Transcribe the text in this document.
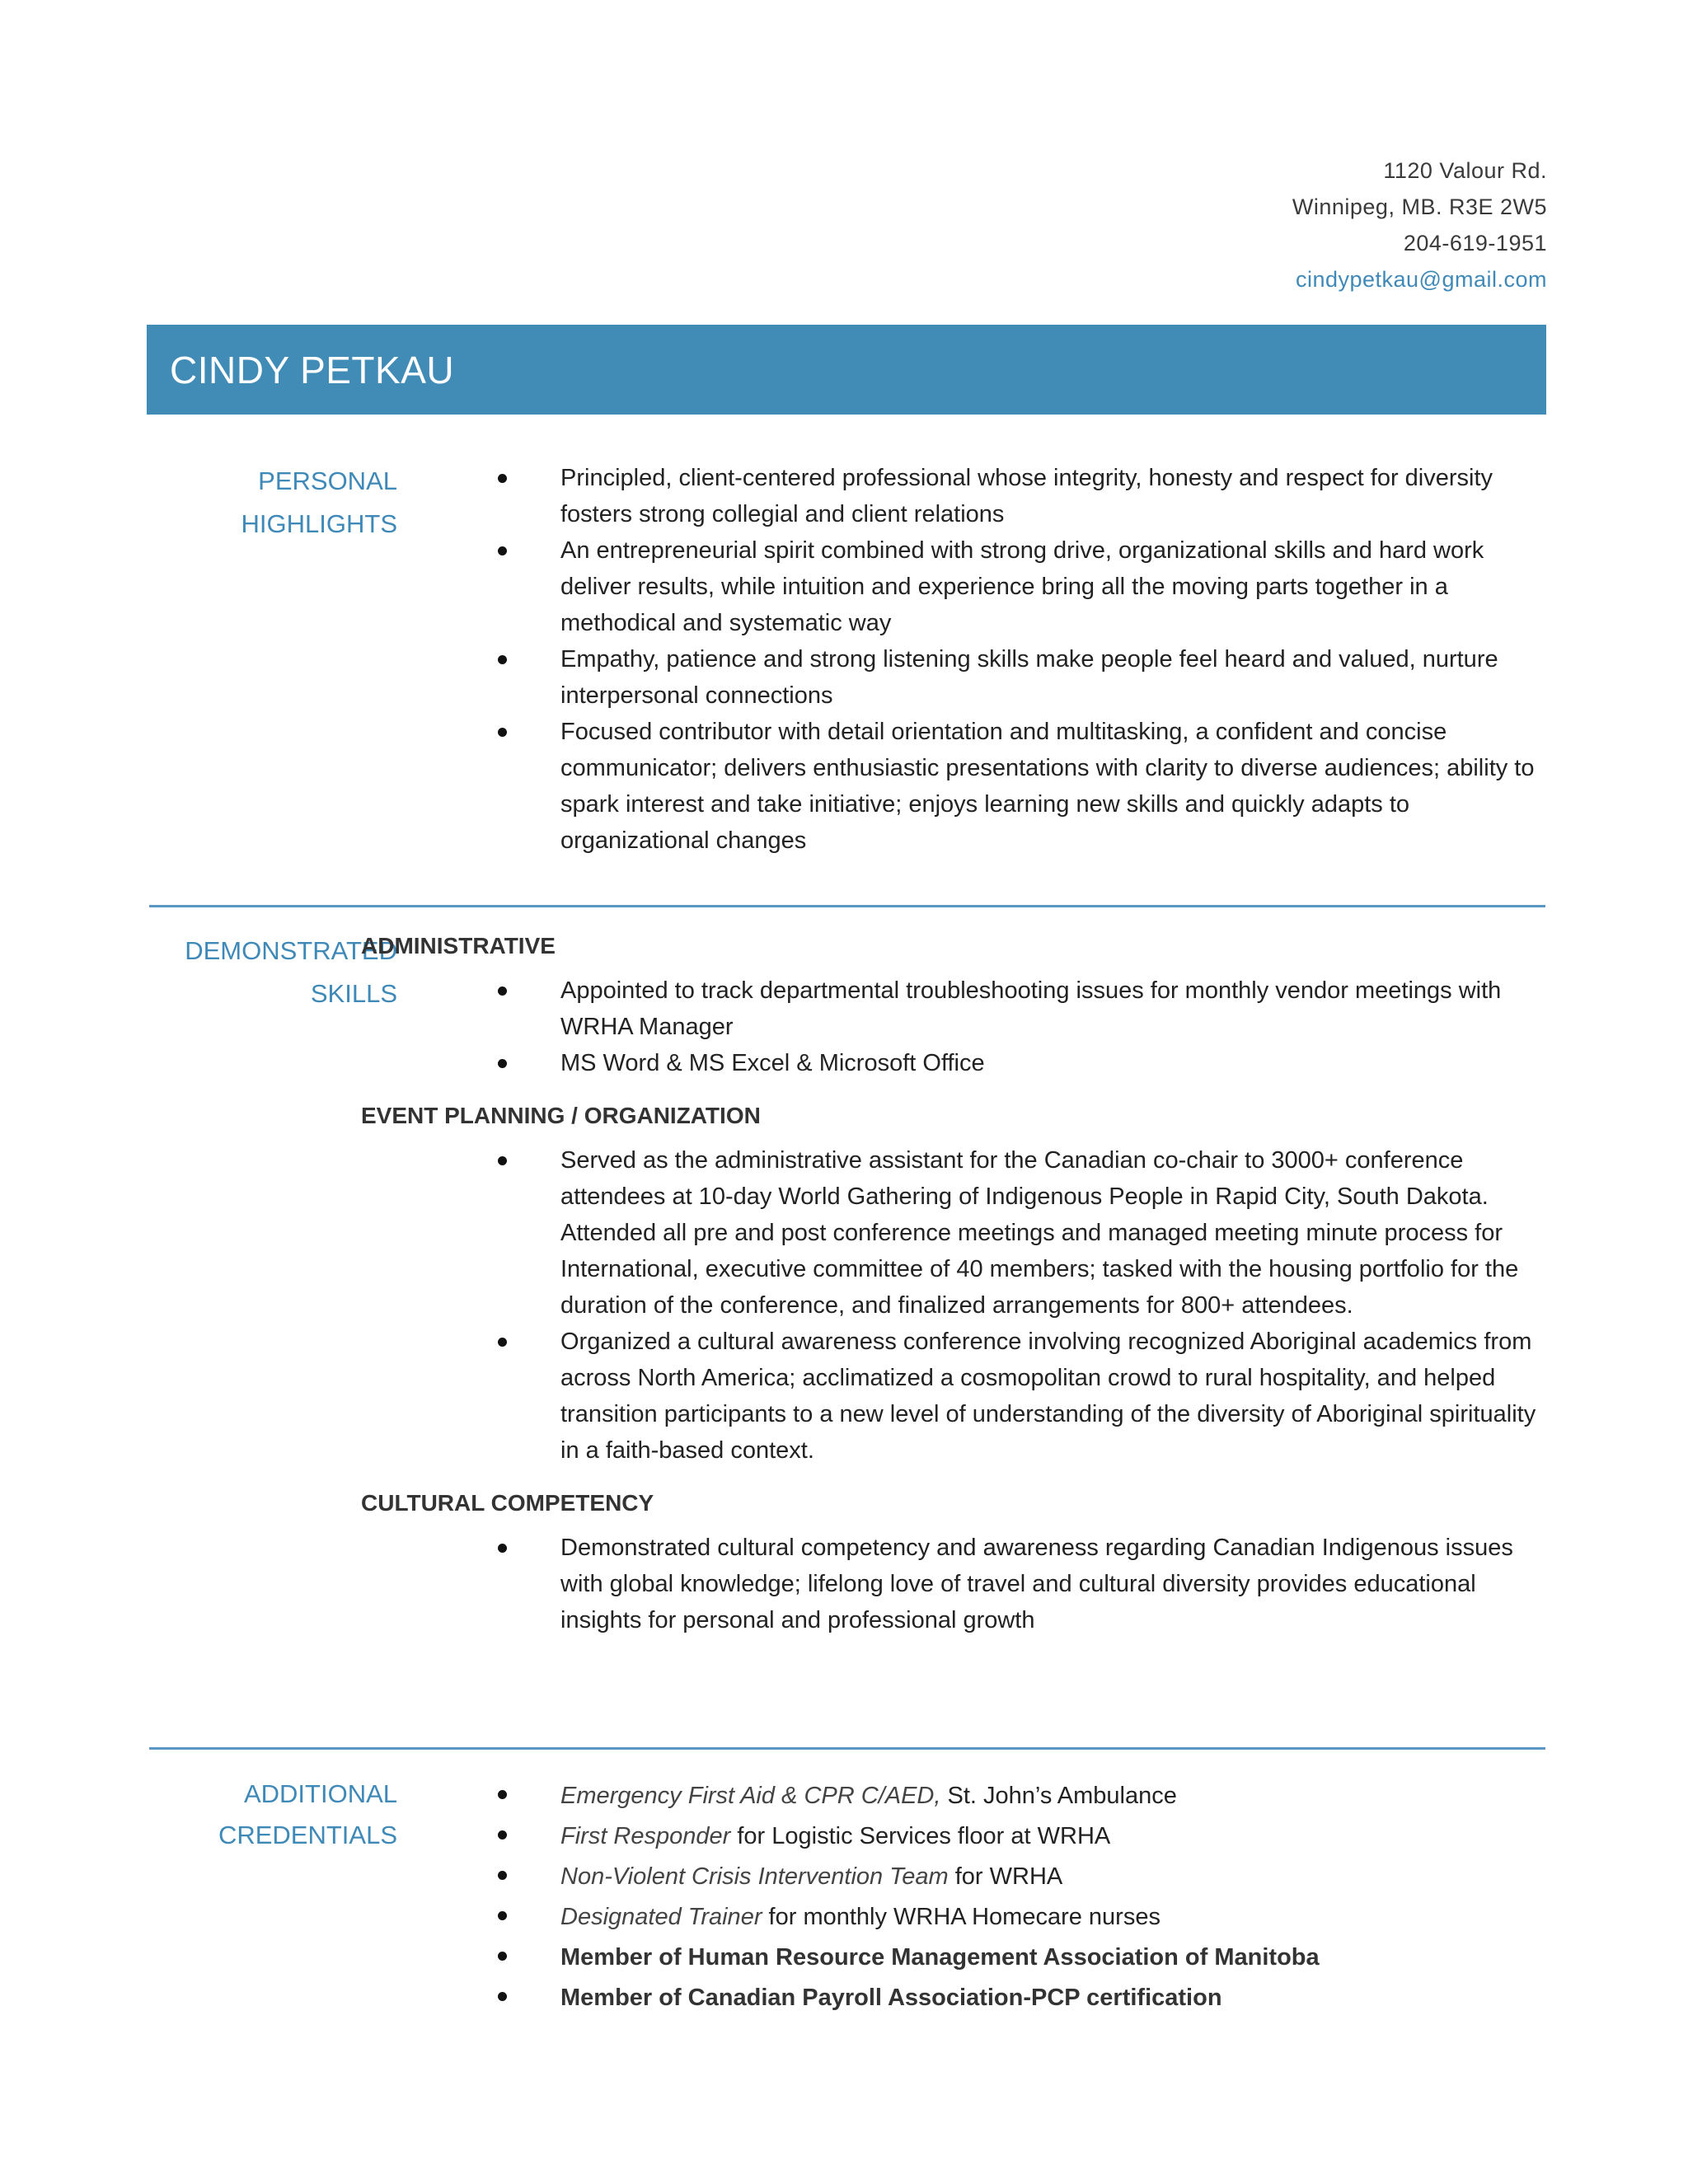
1120 Valour Rd.
Winnipeg, MB. R3E 2W5
204-619-1951
cindypetkau@gmail.com
CINDY PETKAU
PERSONAL
HIGHLIGHTS
Principled, client-centered professional whose integrity, honesty and respect for diversity fosters strong collegial and client relations
An entrepreneurial spirit combined with strong drive, organizational skills and hard work deliver results, while intuition and experience bring all the moving parts together in a methodical and systematic way
Empathy, patience and strong listening skills make people feel heard and valued, nurture interpersonal connections
Focused contributor with detail orientation and multitasking, a confident and concise communicator; delivers enthusiastic presentations with clarity to diverse audiences; ability to spark interest and take initiative; enjoys learning new skills and quickly adapts to organizational changes
DEMONSTRATED
SKILLS
ADMINISTRATIVE
Appointed to track departmental troubleshooting issues for monthly vendor meetings with WRHA Manager
MS Word & MS Excel & Microsoft Office
EVENT PLANNING / ORGANIZATION
Served as the administrative assistant for the Canadian co-chair to 3000+ conference attendees at 10-day World Gathering of Indigenous People in Rapid City, South Dakota. Attended all pre and post conference meetings and managed meeting minute process for International, executive committee of 40 members; tasked with the housing portfolio for the duration of the conference, and finalized arrangements for 800+ attendees.
Organized a cultural awareness conference involving recognized Aboriginal academics from across North America; acclimatized a cosmopolitan crowd to rural hospitality, and helped transition participants to a new level of understanding of the diversity of Aboriginal spirituality in a faith-based context.
CULTURAL COMPETENCY
Demonstrated cultural competency and awareness regarding Canadian Indigenous issues with global knowledge; lifelong love of travel and cultural diversity provides educational insights for personal and professional growth
ADDITIONAL
CREDENTIALS
Emergency First Aid & CPR C/AED, St. John’s Ambulance
First Responder for Logistic Services floor at WRHA
Non-Violent Crisis Intervention Team for WRHA
Designated Trainer for monthly WRHA Homecare nurses
Member of Human Resource Management Association of Manitoba
Member of Canadian Payroll Association-PCP certification
